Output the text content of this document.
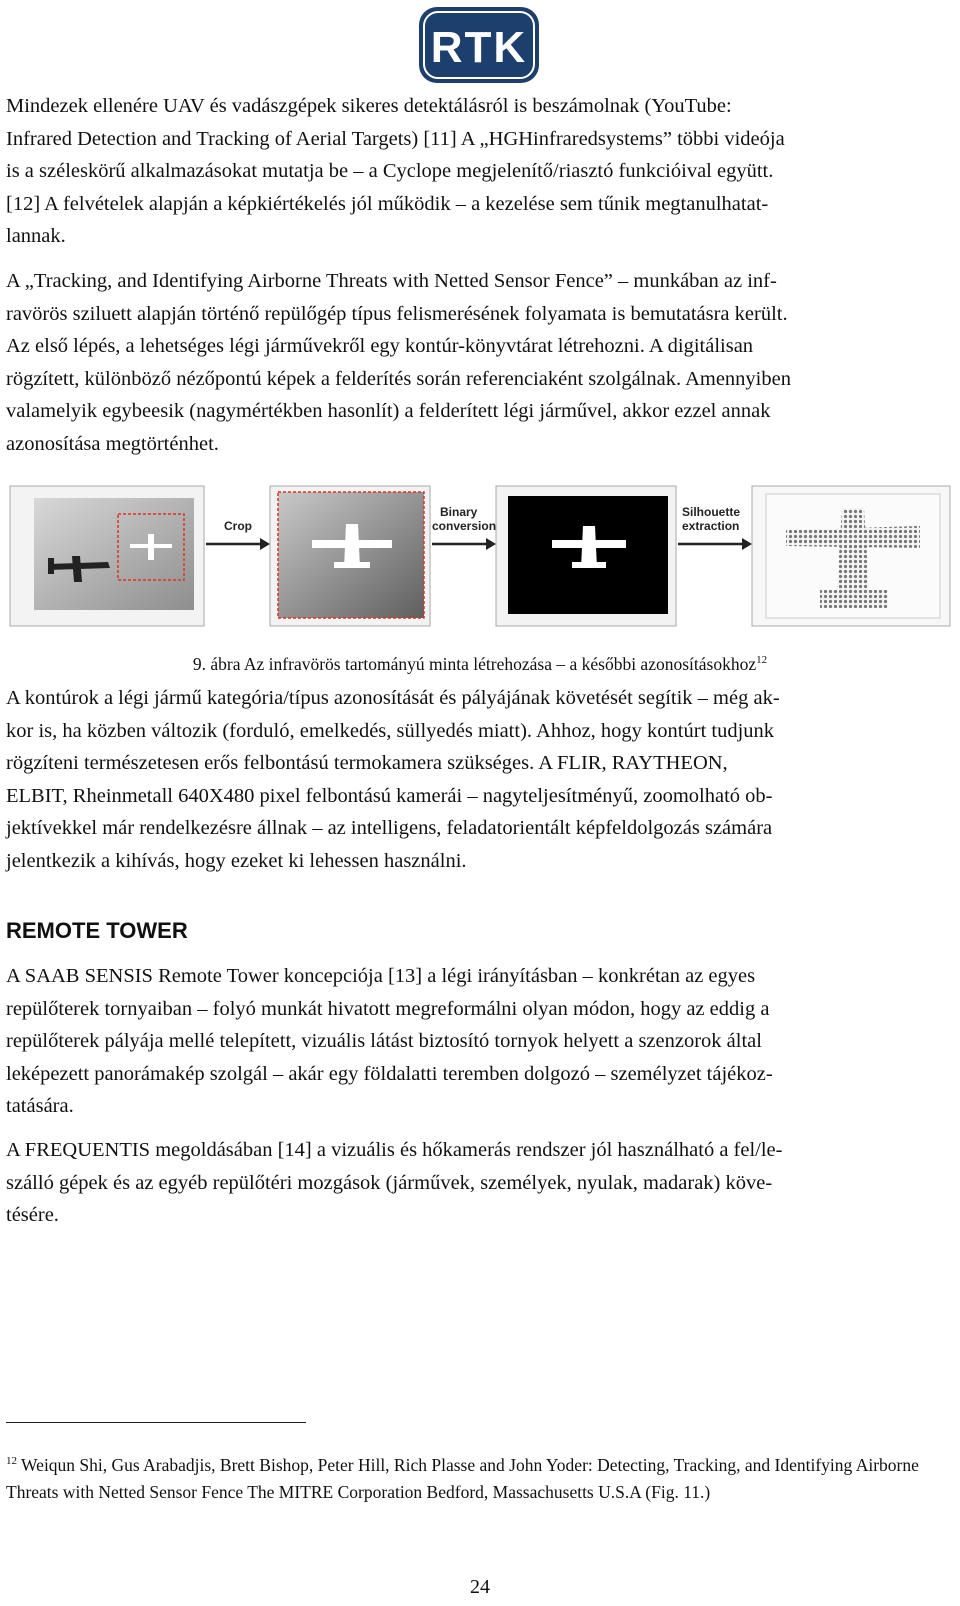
RTK
Mindezek ellenére UAV és vadászgépek sikeres detektálásról is beszámolnak (YouTube:
Infrared Detection and Tracking of Aerial Targets) [11] A „HGHinfraredsystems” többi videója
is a széleskörű alkalmazásokat mutatja be – a Cyclope megjelenítő/riasztó funkcióival együtt.
[12] A felvételek alapján a képkiértékelés jól működik – a kezelése sem tűnik megtanulhatat-
lannak.
A „Tracking, and Identifying Airborne Threats with Netted Sensor Fence” – munkában az inf-
ravörös sziluett alapján történő repülőgép típus felismerésének folyamata is bemutatásra került.
Az első lépés, a lehetséges légi járművekről egy kontúr-könyvtárat létrehozni. A digitálisan
rögzített, különböző nézőpontú képek a felderítés során referenciaként szolgálnak. Amennyiben
valamelyik egybeesik (nagymértékben hasonlít) a felderített légi járművel, akkor ezzel annak
azonosítása megtörténhet.
Crop
Binary
conversion
Silhouette
extraction

9. ábra Az infravörös tartományú minta létrehozása – a későbbi azonosításokhoz$^{12}$

A kontúrok a légi jármű kategória/típus azonosítását és pályájának követését segítik – még ak-
kor is, ha közben változik (forduló, emelkedés, süllyedés miatt). Ahhoz, hogy kontúrt tudjunk
rögzíteni természetesen erős felbontású termokamera szükséges. A FLIR, RAYTHEON,
ELBIT, Rheinmetall 640X480 pixel felbontású kamerái – nagyteljesítményű, zoomolható ob-
jektívekkel már rendelkezésre állnak – az intelligens, feladatorientált képfeldolgozás számára
jelentkezik a kihívás, hogy ezeket ki lehessen használni.
REMOTE TOWER
A SAAB SENSIS Remote Tower koncepciója [13] a légi irányításban – konkrétan az egyes
repülőterek tornyaiban – folyó munkát hivatott megreformálni olyan módon, hogy az eddig a
repülőterek pályája mellé telepített, vizuális látást biztosító tornyok helyett a szenzorok által
leképezett panorámakép szolgál – akár egy földalatti teremben dolgozó – személyzet tájékoz-
tatására.
A FREQUENTIS megoldásában [14] a vizuális és hőkamerás rendszer jól használható a fel/le-
szálló gépek és az egyéb repülőtéri mozgások (járművek, személyek, nyulak, madarak) köve-
tésére.

$^{12}$ Weiqun Shi, Gus Arabadjis, Brett Bishop, Peter Hill, Rich Plasse and John Yoder: Detecting, Tracking, and Identifying Airborne Threats with Netted Sensor Fence The MITRE Corporation Bedford, Massachusetts U.S.A (Fig. 11.)

24
